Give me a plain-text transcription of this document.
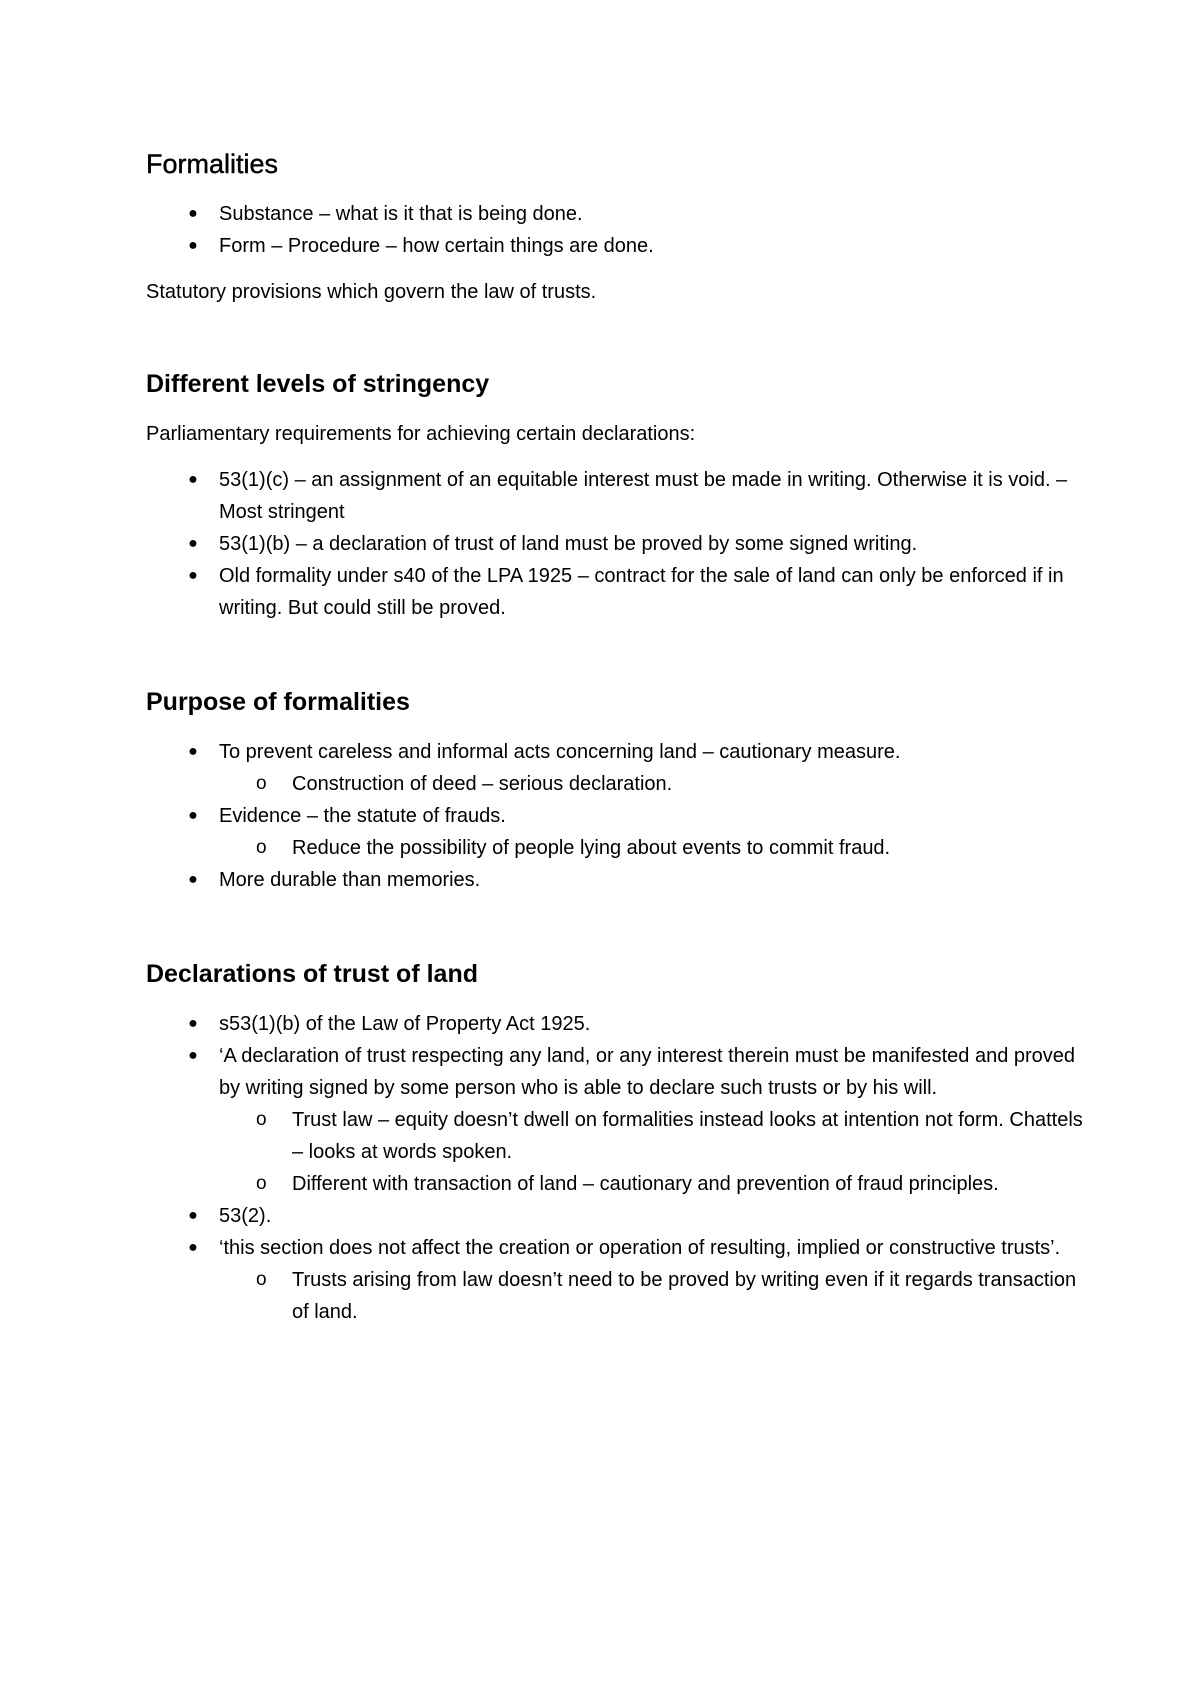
Formalities
● Substance – what is it that is being done.
● Form – Procedure – how certain things are done.
Statutory provisions which govern the law of trusts.
Different levels of stringency
Parliamentary requirements for achieving certain declarations:
● 53(1)(c) – an assignment of an equitable interest must be made in writing. Otherwise it is void. – Most stringent
● 53(1)(b) – a declaration of trust of land must be proved by some signed writing.
● Old formality under s40 of the LPA 1925 – contract for the sale of land can only be enforced if in writing. But could still be proved.
Purpose of formalities
● To prevent careless and informal acts concerning land – cautionary measure.
o Construction of deed – serious declaration.
● Evidence – the statute of frauds.
o Reduce the possibility of people lying about events to commit fraud.
● More durable than memories.
Declarations of trust of land
● s53(1)(b) of the Law of Property Act 1925.
● ‘A declaration of trust respecting any land, or any interest therein must be manifested and proved by writing signed by some person who is able to declare such trusts or by his will.
o Trust law – equity doesn’t dwell on formalities instead looks at intention not form. Chattels – looks at words spoken.
o Different with transaction of land – cautionary and prevention of fraud principles.
● 53(2).
● ‘this section does not affect the creation or operation of resulting, implied or constructive trusts’.
o Trusts arising from law doesn’t need to be proved by writing even if it regards transaction of land.
